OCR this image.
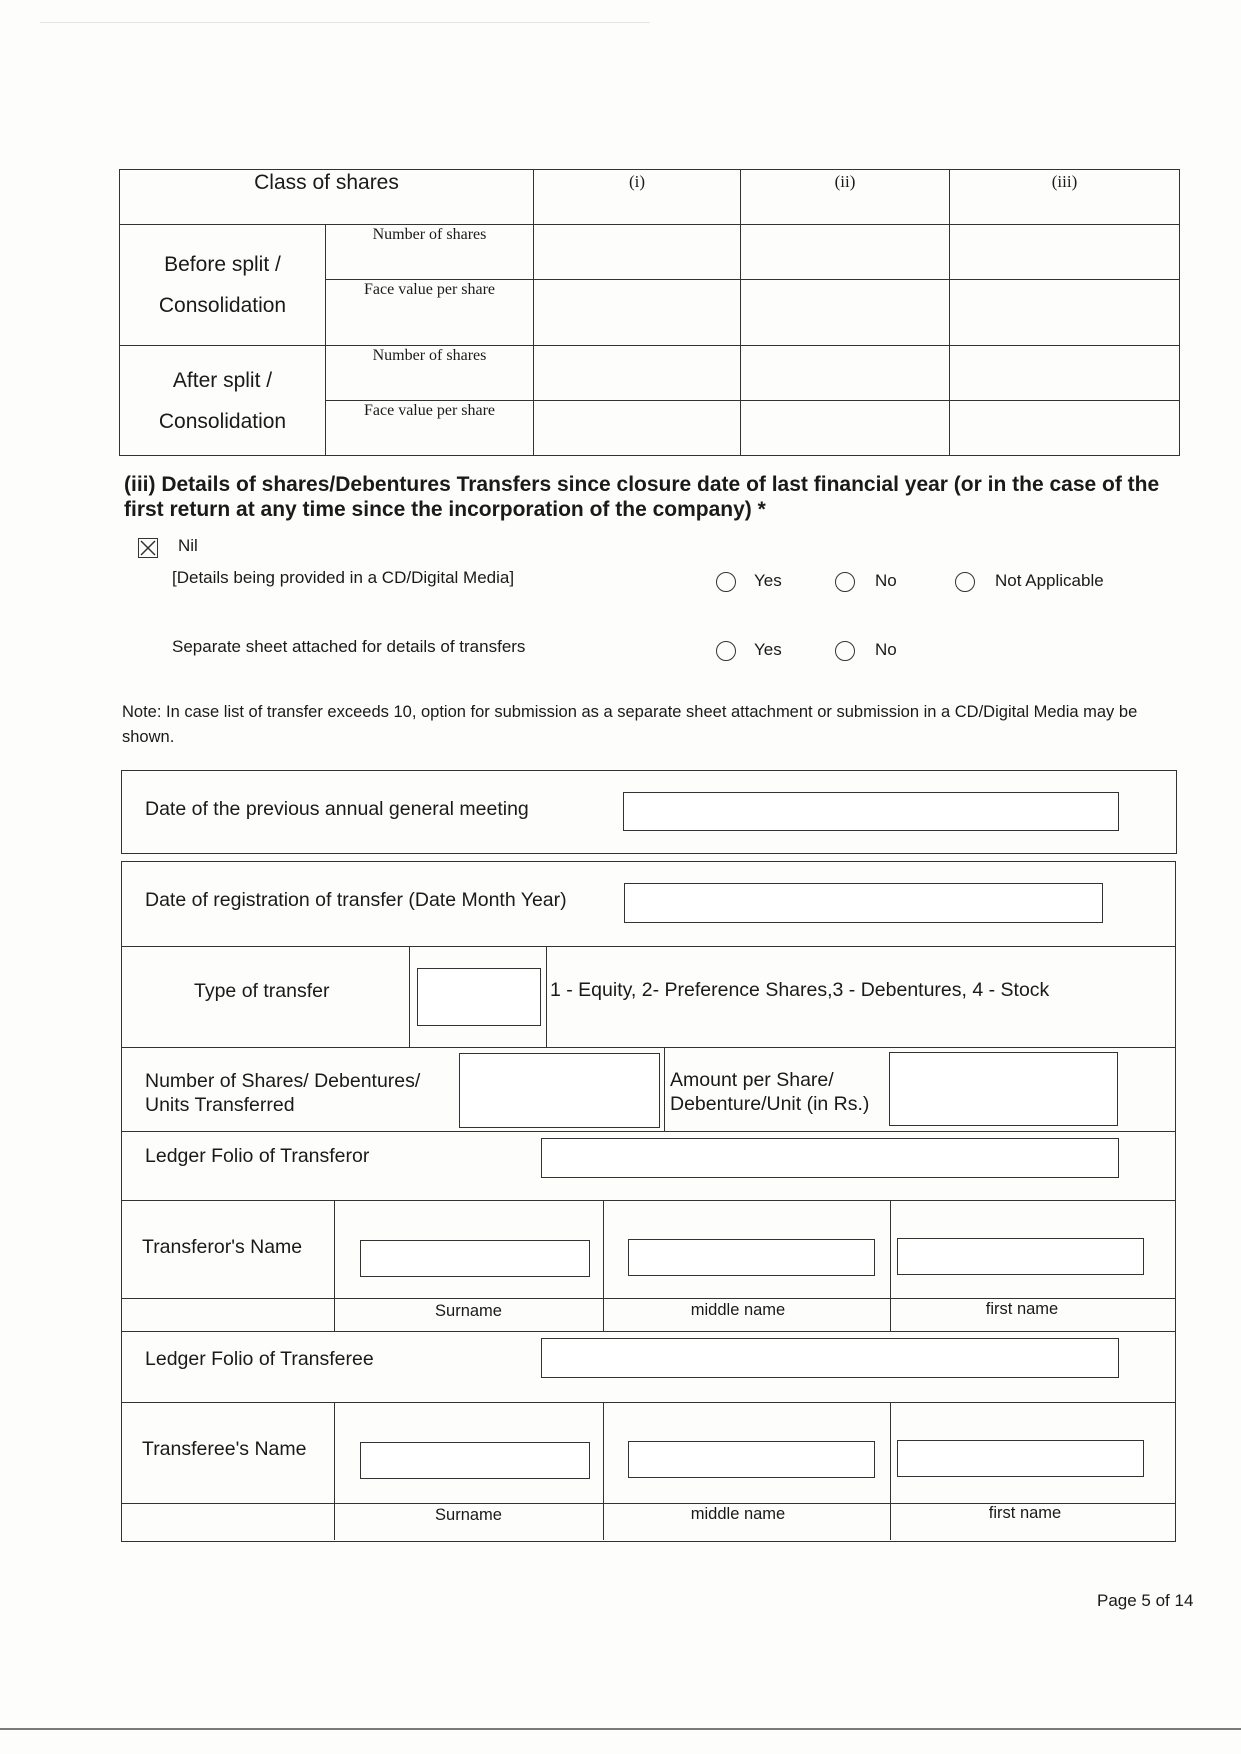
Class of shares		(i)	(ii)	(iii)

Before split /
Consolidation	Number of shares			
	Face value per share			

After split /
Consolidation	Number of shares			
	Face value per share			
(iii) Details of shares/Debentures Transfers since closure date of last financial year (or in the case of the first return at any time since the incorporation of the company) *
Nil
[Details being provided in a CD/Digital Media]	Yes	No	Not Applicable
Separate sheet attached for details of transfers	Yes	No
Note: In case list of transfer exceeds 10, option for submission as a separate sheet attachment or submission in a CD/Digital Media may be shown.
Date of the previous annual general meeting
Date of registration of transfer (Date Month Year)
Type of transfer	1 - Equity, 2- Preference Shares,3 - Debentures, 4 - Stock
Number of Shares/ Debentures/
Units Transferred
Amount per Share/
Debenture/Unit (in Rs.)
Ledger Folio of Transferor
Transferor's Name
Surname	middle name	first name
Ledger Folio of Transferee
Transferee's Name
Surname	middle name	first name
Page 5 of 14
